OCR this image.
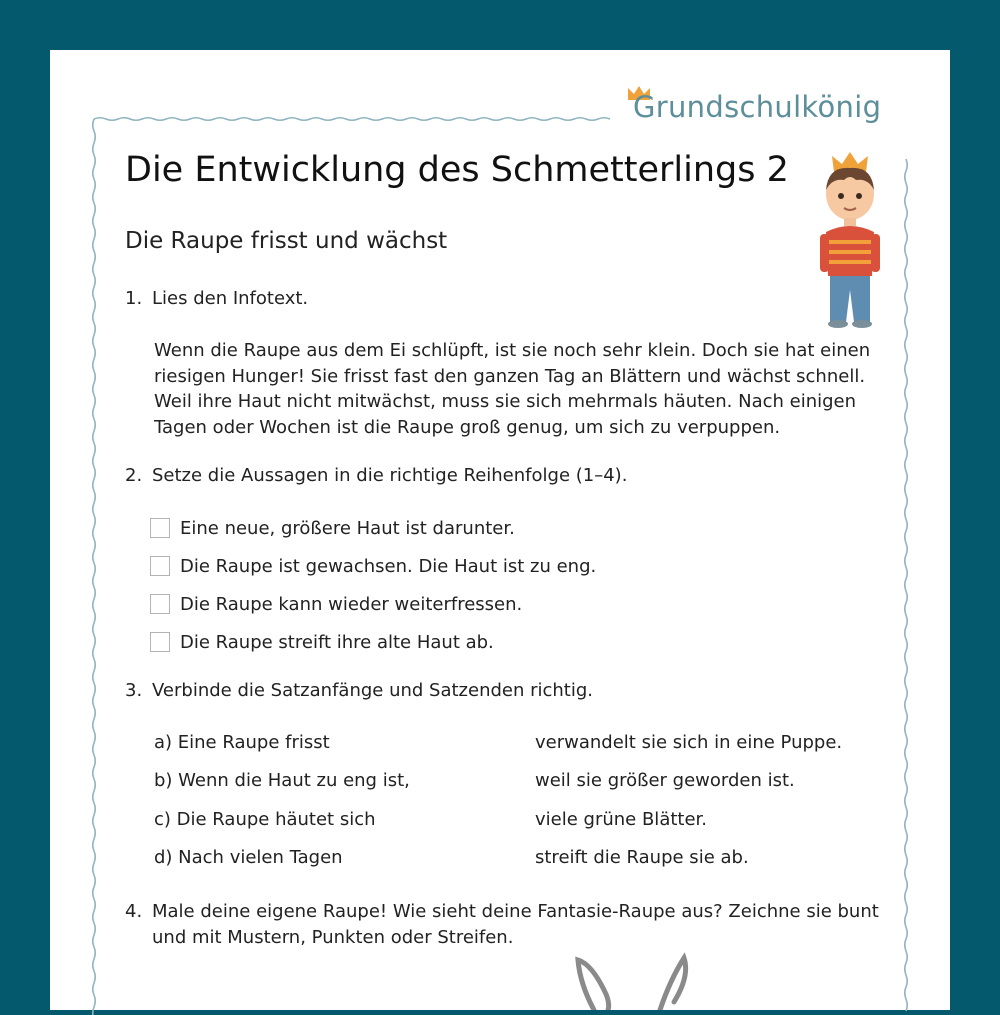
Grundschulkönig
Die Entwicklung des Schmetterlings 2
Die Raupe frisst und wächst
1. Lies den Infotext.
Wenn die Raupe aus dem Ei schlüpft, ist sie noch sehr klein. Doch sie hat einen
riesigen Hunger! Sie frisst fast den ganzen Tag an Blättern und wächst schnell.
Weil ihre Haut nicht mitwächst, muss sie sich mehrmals häuten. Nach einigen
Tagen oder Wochen ist die Raupe groß genug, um sich zu verpuppen.
2. Setze die Aussagen in die richtige Reihenfolge (1–4).
Eine neue, größere Haut ist darunter.
Die Raupe ist gewachsen. Die Haut ist zu eng.
Die Raupe kann wieder weiterfressen.
Die Raupe streift ihre alte Haut ab.
3. Verbinde die Satzanfänge und Satzenden richtig.
a) Eine Raupe frisst
b) Wenn die Haut zu eng ist,
c) Die Raupe häutet sich
d) Nach vielen Tagen
verwandelt sie sich in eine Puppe.
weil sie größer geworden ist.
viele grüne Blätter.
streift die Raupe sie ab.
4. Male deine eigene Raupe! Wie sieht deine Fantasie-Raupe aus? Zeichne sie bunt
und mit Mustern, Punkten oder Streifen.
